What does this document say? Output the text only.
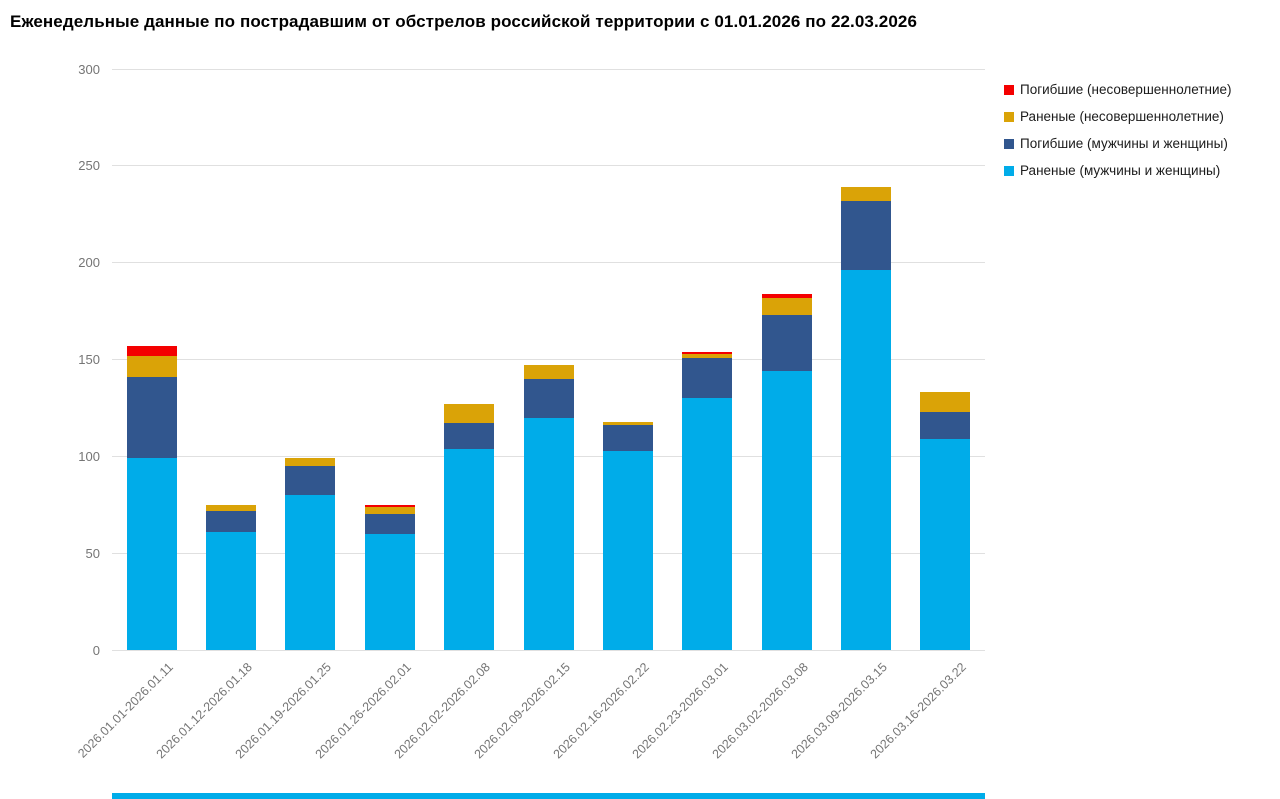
Еженедельные данные по пострадавшим от обстрелов российской территории с 01.01.2026 по 22.03.2026
0
50
100
150
200
250
300
2026.01.01-2026.01.11
2026.01.12-2026.01.18
2026.01.19-2026.01.25
2026.01.26-2026.02.01
2026.02.02-2026.02.08
2026.02.09-2026.02.15
2026.02.16-2026.02.22
2026.02.23-2026.03.01
2026.03.02-2026.03.08
2026.03.09-2026.03.15
2026.03.16-2026.03.22
Погибшие (несовершеннолетние)
Раненые (несовершеннолетние)
Погибшие (мужчины и женщины)
Раненые (мужчины и женщины)
